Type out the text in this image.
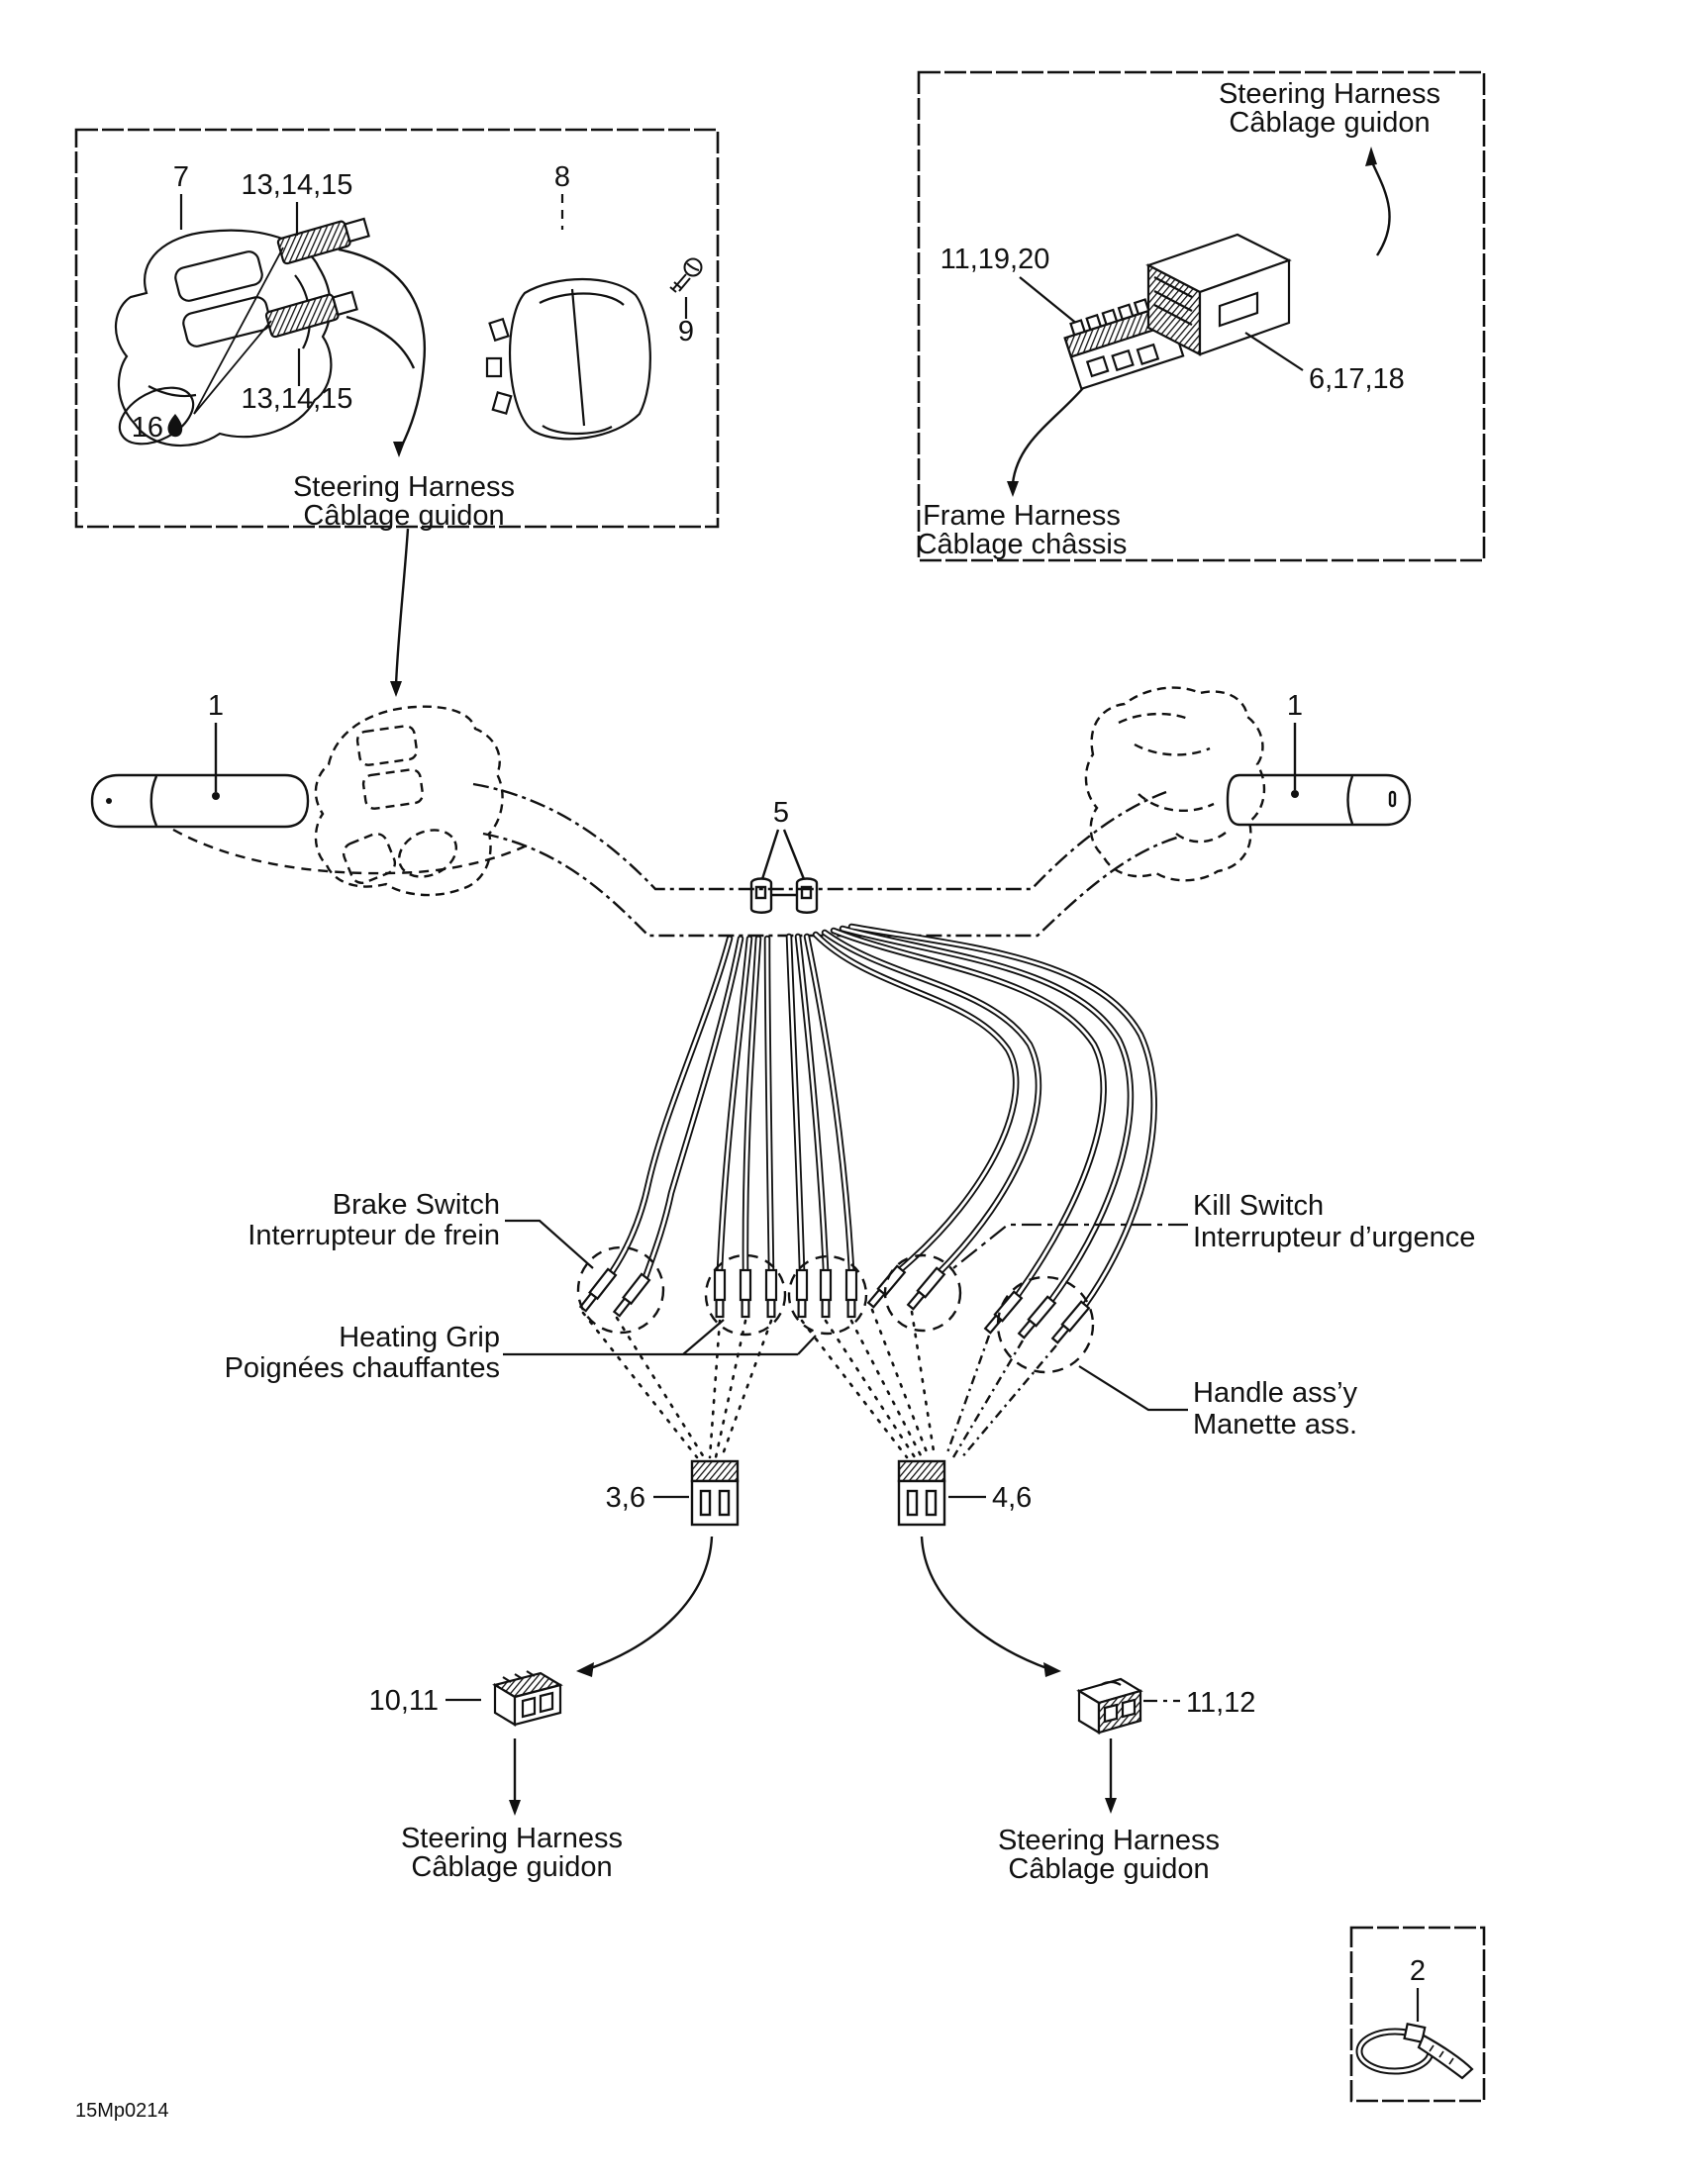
7 13,14,15
13,14,15
16
8
9
Steering Harness
Câblage guidon
Steering Harness
Câblage guidon
11,19,20
6,17,18
Frame Harness
Câblage châssis
1	1
5
Brake Switch
Interrupteur de frein
Heating Grip
Poignées chauffantes
Kill Switch
Interrupteur d’urgence
Handle ass’y
Manette ass.
3,6	4,6
10,11	11,12
Steering Harness
Câblage guidon
Steering Harness
Câblage guidon
2
15Mp0214
